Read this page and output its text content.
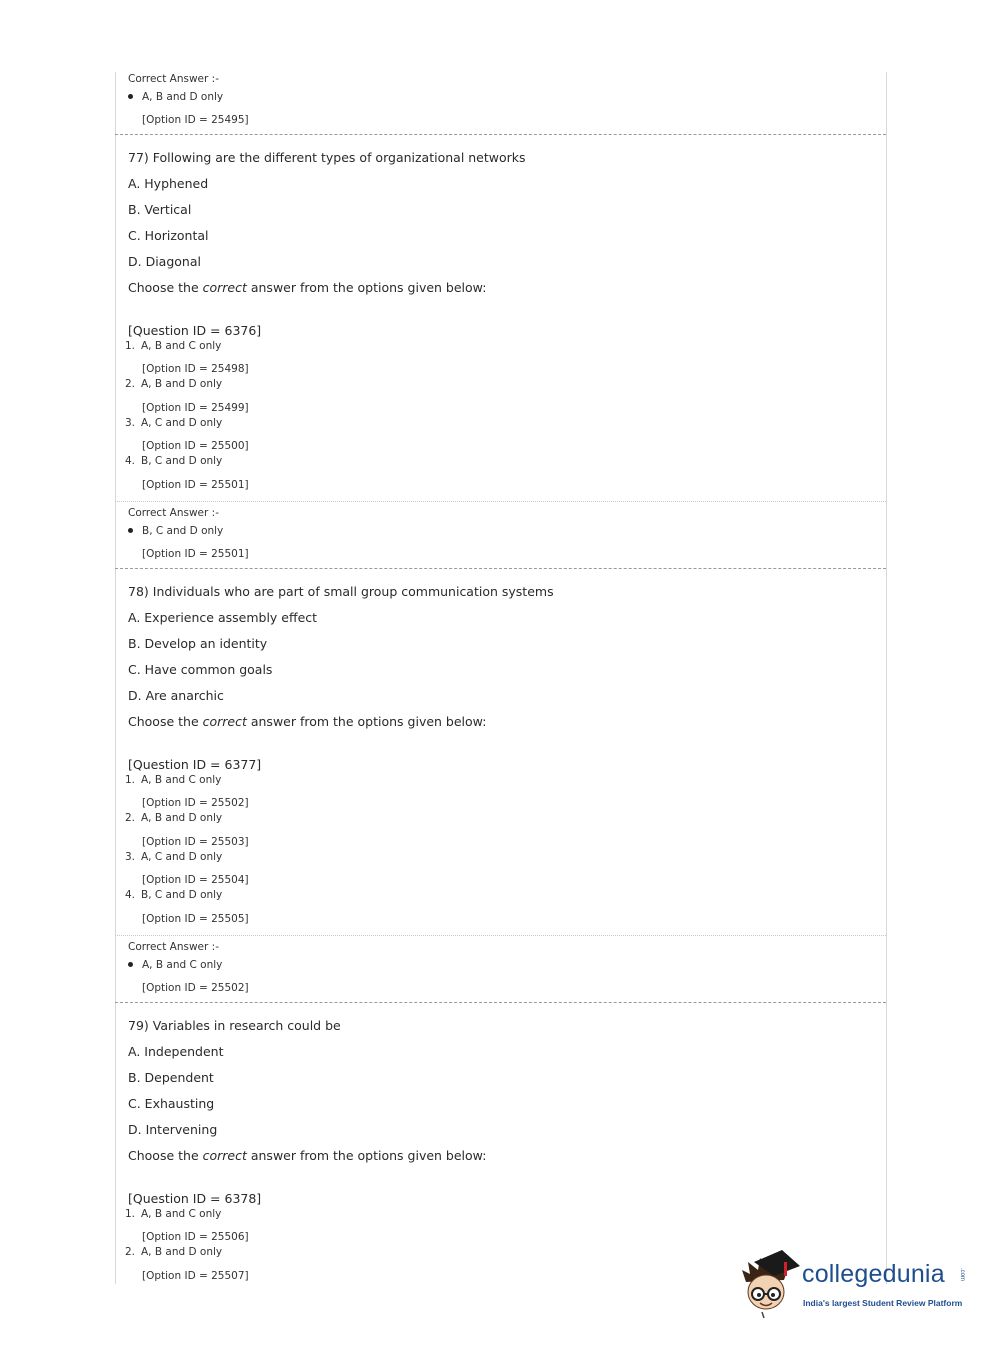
Correct Answer :-
A, B and D only
[Option ID = 25495]
77) Following are the different types of organizational networks
A. Hyphened
B. Vertical
C. Horizontal
D. Diagonal
Choose the correct answer from the options given below:
[Question ID = 6376]
1. A, B and C only
[Option ID = 25498]
2. A, B and D only
[Option ID = 25499]
3. A, C and D only
[Option ID = 25500]
4. B, C and D only
[Option ID = 25501]
Correct Answer :-
B, C and D only
[Option ID = 25501]
78) Individuals who are part of small group communication systems
A. Experience assembly effect
B. Develop an identity
C. Have common goals
D. Are anarchic
Choose the correct answer from the options given below:
[Question ID = 6377]
1. A, B and C only
[Option ID = 25502]
2. A, B and D only
[Option ID = 25503]
3. A, C and D only
[Option ID = 25504]
4. B, C and D only
[Option ID = 25505]
Correct Answer :-
A, B and C only
[Option ID = 25502]
79) Variables in research could be
A. Independent
B. Dependent
C. Exhausting
D. Intervening
Choose the correct answer from the options given below:
[Question ID = 6378]
1. A, B and C only
[Option ID = 25506]
2. A, B and D only
[Option ID = 25507]	collegedunia .com
India's largest Student Review Platform
